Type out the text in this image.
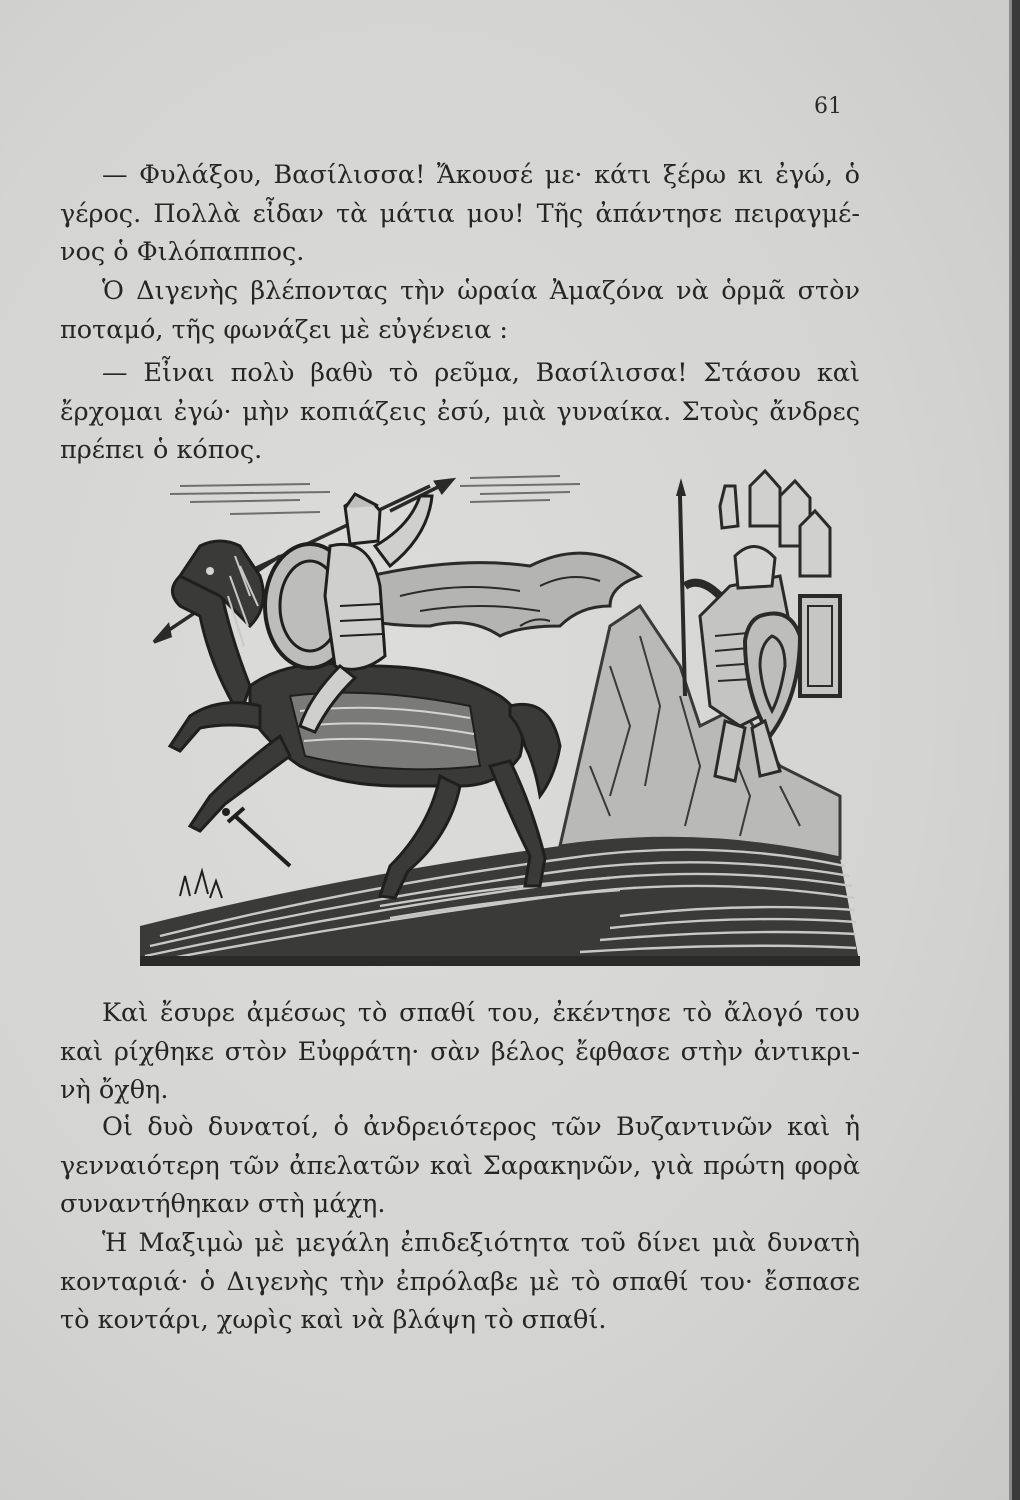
61

— Φυλάξου, Βασίλισσα! Ἄκουσέ με· κάτι ξέρω κι ἐγώ, ὁ
γέρος. Πολλὰ εἶδαν τὰ μάτια μου! Τῆς ἀπάντησε πειραγμέ-
νος ὁ Φιλόπαππος.

Ὁ Διγενὴς βλέποντας τὴν ὡραία Ἀμαζόνα νὰ ὁρμᾶ στὸν
ποταμό, τῆς φωνάζει μὲ εὐγένεια :

— Εἶναι πολὺ βαθὺ τὸ ρεῦμα, Βασίλισσα! Στάσου καὶ
ἔρχομαι ἐγώ· μὴν κοπιάζεις ἐσύ, μιὰ γυναίκα. Στοὺς ἄνδρες
πρέπει ὁ κόπος.

Καὶ ἔσυρε ἀμέσως τὸ σπαθί του, ἐκέντησε τὸ ἄλογό του
καὶ ρίχθηκε στὸν Εὐφράτη· σὰν βέλος ἔφθασε στὴν ἀντικρι-
νὴ ὄχθη.

Οἱ δυὸ δυνατοί, ὁ ἀνδρειότερος τῶν Βυζαντινῶν καὶ ἡ
γενναιότερη τῶν ἀπελατῶν καὶ Σαρακηνῶν, γιὰ πρώτη φορὰ
συναντήθηκαν στὴ μάχη.

Ἡ Μαξιμὼ μὲ μεγάλη ἐπιδεξιότητα τοῦ δίνει μιὰ δυνατὴ
κονταριά· ὁ Διγενὴς τὴν ἐπρόλαβε μὲ τὸ σπαθί του· ἔσπασε
τὸ κοντάρι, χωρὶς καὶ νὰ βλάψη τὸ σπαθί.
